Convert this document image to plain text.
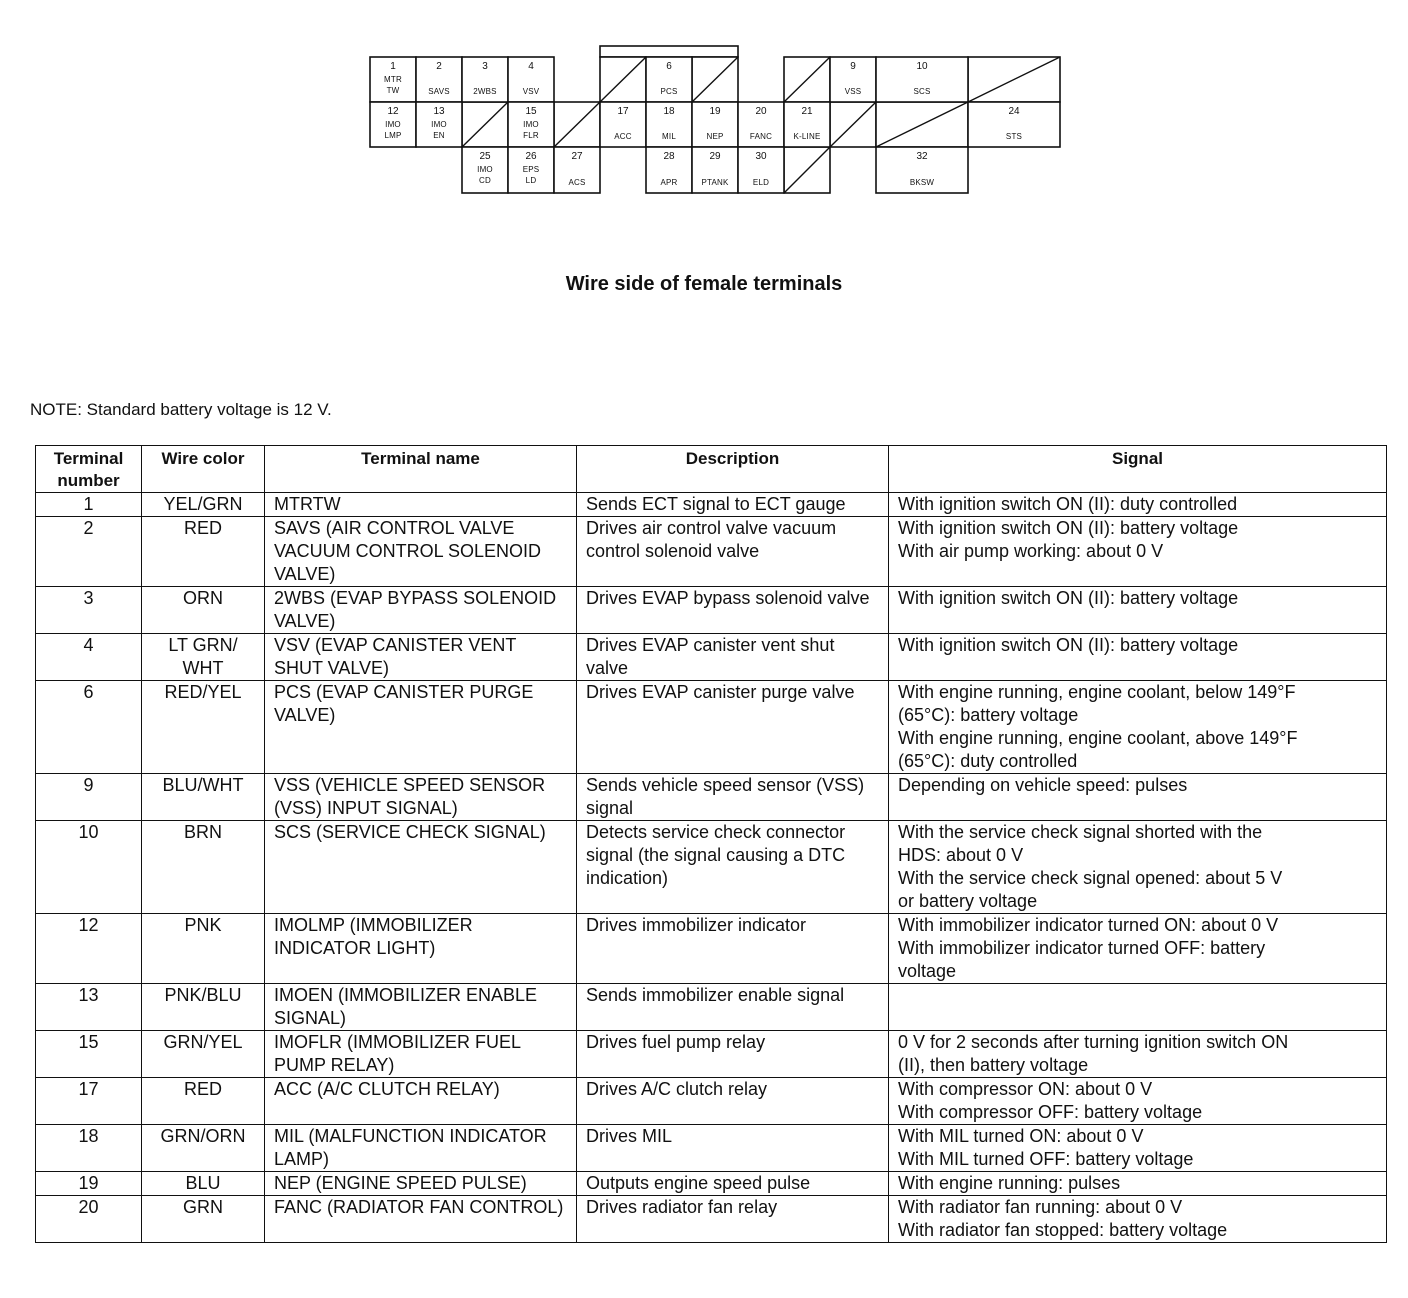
1
MTR
TW
2
SAVS
3
2WBS
4
VSV
6
PCS
9
VSS
10
SCS
12
IMO
LMP
13
IMO
EN
15
IMO
FLR
17
ACC
18
MIL
19
NEP
20
FANC
21
K-LINE
24
STS
25
IMO
CD
26
EPS
LD
27
ACS
28
APR
29
PTANK
30
ELD
32
BKSW
Wire side of female terminals
NOTE: Standard battery voltage is 12 V.
Terminal number	Wire color	Terminal name	Description	Signal
1	YEL/GRN	MTRTW	Sends ECT signal to ECT gauge	With ignition switch ON (II): duty controlled

2	RED	SAVS (AIR CONTROL VALVE VACUUM CONTROL SOLENOID VALVE)	Drives air control valve vacuum control solenoid valve	With ignition switch ON (II): battery voltage
With air pump working: about 0 V

3	ORN	2WBS (EVAP BYPASS SOLENOID VALVE)	Drives EVAP bypass solenoid valve	With ignition switch ON (II): battery voltage

4	LT GRN/ WHT	VSV (EVAP CANISTER VENT SHUT VALVE)	Drives EVAP canister vent shut valve	With ignition switch ON (II): battery voltage

6	RED/YEL	PCS (EVAP CANISTER PURGE VALVE)	Drives EVAP canister purge valve	With engine running, engine coolant, below 149°F
(65°C): battery voltage
With engine running, engine coolant, above 149°F
(65°C): duty controlled

9	BLU/WHT	VSS (VEHICLE SPEED SENSOR (VSS) INPUT SIGNAL)	Sends vehicle speed sensor (VSS) signal	Depending on vehicle speed: pulses

10	BRN	SCS (SERVICE CHECK SIGNAL)	Detects service check connector signal (the signal causing a DTC indication)	With the service check signal shorted with the
HDS: about 0 V
With the service check signal opened: about 5 V
or battery voltage

12	PNK	IMOLMP (IMMOBILIZER INDICATOR LIGHT)	Drives immobilizer indicator	With immobilizer indicator turned ON: about 0 V
With immobilizer indicator turned OFF: battery
voltage

13	PNK/BLU	IMOEN (IMMOBILIZER ENABLE SIGNAL)	Sends immobilizer enable signal	
15	GRN/YEL	IMOFLR (IMMOBILIZER FUEL PUMP RELAY)	Drives fuel pump relay	0 V for 2 seconds after turning ignition switch ON
(II), then battery voltage

17	RED	ACC (A/C CLUTCH RELAY)	Drives A/C clutch relay	With compressor ON: about 0 V
With compressor OFF: battery voltage

18	GRN/ORN	MIL (MALFUNCTION INDICATOR LAMP)	Drives MIL	With MIL turned ON: about 0 V
With MIL turned OFF: battery voltage

19	BLU	NEP (ENGINE SPEED PULSE)	Outputs engine speed pulse	With engine running: pulses

20	GRN	FANC (RADIATOR FAN CONTROL)	Drives radiator fan relay	With radiator fan running: about 0 V
With radiator fan stopped: battery voltage
